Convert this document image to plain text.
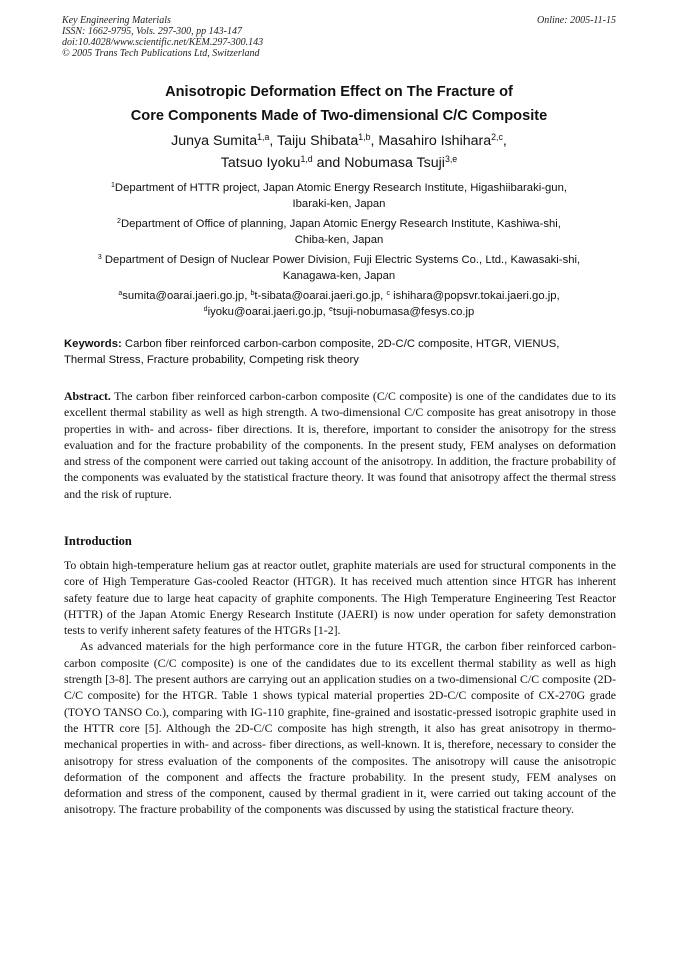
Key Engineering Materials
ISSN: 1662-9795, Vols. 297-300, pp 143-147
doi:10.4028/www.scientific.net/KEM.297-300.143
© 2005 Trans Tech Publications Ltd, Switzerland
Online: 2005-11-15
Anisotropic Deformation Effect on The Fracture of
Core Components Made of Two-dimensional C/C Composite
Junya Sumita$^{1,a}$, Taiju Shibata$^{1,b}$, Masahiro Ishihara$^{2,c}$,
Tatsuo Iyoku$^{1,d}$ and Nobumasa Tsuji$^{3,e}$
$^1$Department of HTTR project, Japan Atomic Energy Research Institute, Higashiibaraki-gun,
Ibaraki-ken, Japan
$^2$Department of Office of planning, Japan Atomic Energy Research Institute, Kashiwa-shi,
Chiba-ken, Japan
$^3$ Department of Design of Nuclear Power Division, Fuji Electric Systems Co., Ltd., Kawasaki-shi,
Kanagawa-ken, Japan
$^a$sumita@oarai.jaeri.go.jp, $^b$t-sibata@oarai.jaeri.go.jp, $^c$ ishihara@popsvr.tokai.jaeri.go.jp,
$^d$iyoku@oarai.jaeri.go.jp, $^e$tsuji-nobumasa@fesys.co.jp
Keywords: Carbon fiber reinforced carbon-carbon composite, 2D-C/C composite, HTGR, VIENUS,
Thermal Stress, Fracture probability, Competing risk theory
Abstract. The carbon fiber reinforced carbon-carbon composite (C/C composite) is one of the candidates due to its excellent thermal stability as well as high strength. A two-dimensional C/C composite has great anisotropy in those properties in with- and across- fiber directions. It is, therefore, important to consider the anisotropy for the stress evaluation and for the fracture probability of the components. In the present study, FEM analyses on deformation and stress of the component were carried out taking account of the anisotropy. In addition, the fracture probability of the components was evaluated by the statistical fracture theory. It was found that anisotropy affect the thermal stress and the risk of rupture.
Introduction

To obtain high-temperature helium gas at reactor outlet, graphite materials are used for structural components in the core of High Temperature Gas-cooled Reactor (HTGR). It has received much attention since HTGR has inherent safety feature due to large heat capacity of graphite components. The High Temperature Engineering Test Reactor (HTTR) of the Japan Atomic Energy Research Institute (JAERI) is now under operation for safety demonstration tests to verify inherent safety features of the HTGRs [1-2].

As advanced materials for the high performance core in the future HTGR, the carbon fiber reinforced carbon-carbon composite (C/C composite) is one of the candidates due to its excellent thermal stability as well as high strength [3-8]. The present authors are carrying out an application studies on a two-dimensional C/C composite (2D-C/C composite) for the HTGR. Table 1 shows typical material properties 2D-C/C composite of CX-270G grade (TOYO TANSO Co.), comparing with IG-110 graphite, fine-grained and isostatic-pressed isotropic graphite used in the HTTR core [5]. Although the 2D-C/C composite has high strength, it also has great anisotropy in thermo-mechanical properties in with- and across- fiber directions, as well-known. It is, therefore, necessary to consider the anisotropy for stress evaluation of the components of the composites. The anisotropy will cause the anisotropic deformation of the component and affects the fracture probability. In the present study, FEM analyses on deformation and stress of the component, caused by thermal gradient in it, were carried out taking account of the anisotropy. The fracture probability of the components was discussed by using the statistical fracture theory.
